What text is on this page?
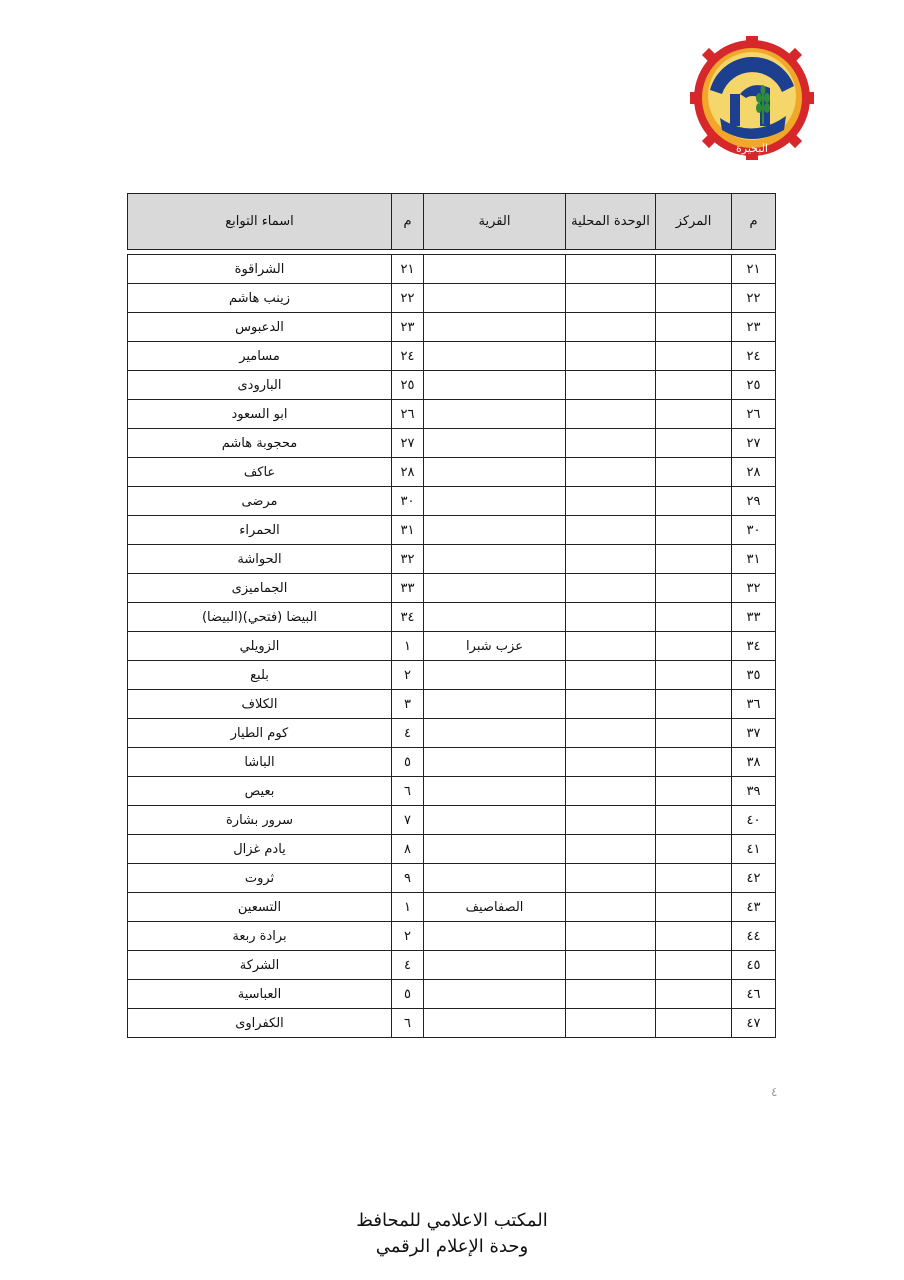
البحيرة
م	المركز	الوحدة المحلية	القرية	م	اسماء التوابع

٢١				٢١	الشراقوة
٢٢				٢٢	زينب هاشم
٢٣				٢٣	الدعبوس
٢٤				٢٤	مسامير
٢٥				٢٥	البارودى
٢٦				٢٦	ابو السعود
٢٧				٢٧	محجوبة هاشم
٢٨				٢٨	عاكف
٢٩				٣٠	مرضى
٣٠				٣١	الحمراء
٣١				٣٢	الحواشة
٣٢				٣٣	الجماميزى
٣٣				٣٤	البيضا (فتحي)(البيضا)
٣٤			عزب شبرا	١	الزويلي
٣٥				٢	بلبع
٣٦				٣	الكلاف
٣٧				٤	كوم الطيار
٣٨				٥	الباشا
٣٩				٦	بعيص
٤٠				٧	سرور بشارة
٤١				٨	يادم غزال
٤٢				٩	ثروت
٤٣			الصفاصيف	١	التسعين
٤٤				٢	برادة ربعة
٤٥				٤	الشركة
٤٦				٥	العباسية
٤٧				٦	الكفراوى
٤
المكتب الاعلامي للمحافظ
وحدة الإعلام الرقمي
